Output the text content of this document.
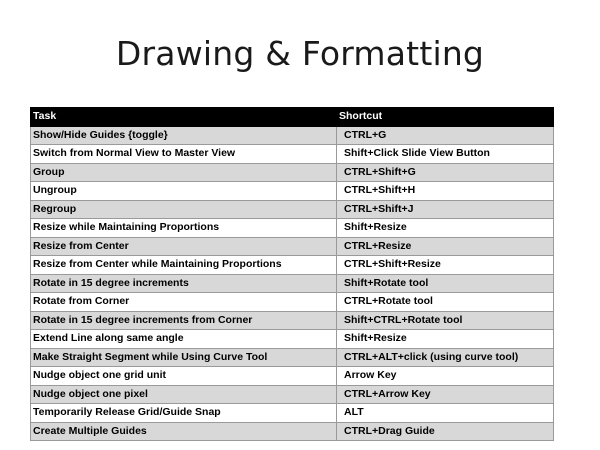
Drawing & Formatting
Task	Shortcut
Show/Hide Guides {toggle}	CTRL+G
Switch from Normal View to Master View	Shift+Click Slide View Button
Group	CTRL+Shift+G
Ungroup	CTRL+Shift+H
Regroup	CTRL+Shift+J
Resize while Maintaining Proportions	Shift+Resize
Resize from Center	CTRL+Resize
Resize from Center while Maintaining Proportions	CTRL+Shift+Resize
Rotate in 15 degree increments	Shift+Rotate tool
Rotate from Corner	CTRL+Rotate tool
Rotate in 15 degree increments from Corner	Shift+CTRL+Rotate tool
Extend Line along same angle	Shift+Resize
Make Straight Segment while Using Curve Tool	CTRL+ALT+click (using curve tool)
Nudge object one grid unit	Arrow Key
Nudge object one pixel	CTRL+Arrow Key
Temporarily Release Grid/Guide Snap	ALT
Create Multiple Guides	CTRL+Drag Guide
